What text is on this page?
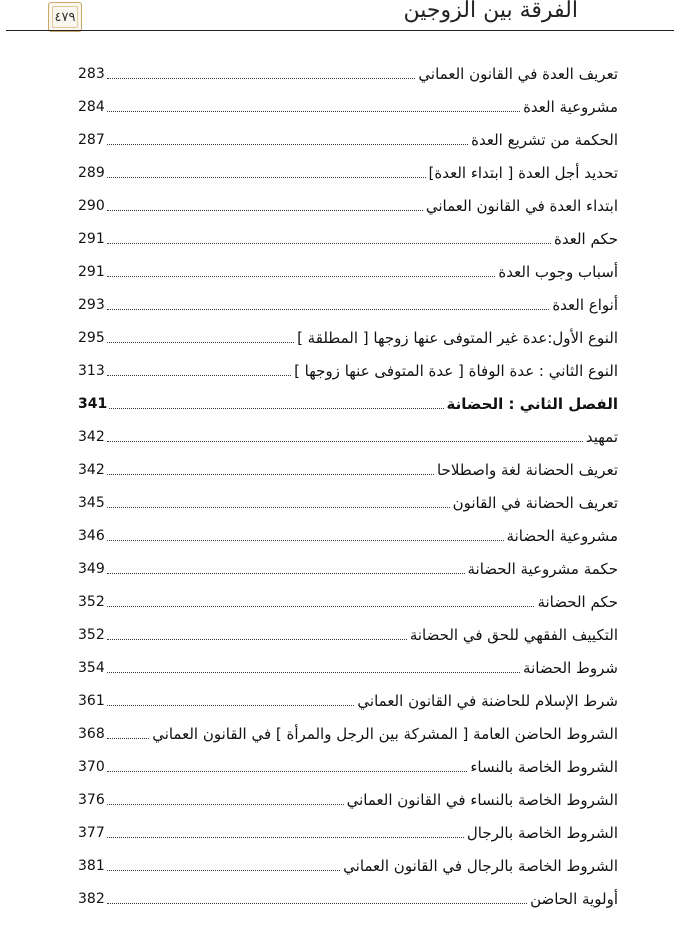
٤٧٩	الفرقة بين الزوجين
تعريف العدة في القانون العماني
283
مشروعية العدة
284
الحكمة من تشريع العدة
287
تحديد أجل العدة [ ابتداء العدة]
289
ابتداء العدة في القانون العماني
290
حكم العدة
291
أسباب وجوب العدة
291
أنواع العدة
293
النوع الأول:عدة غير المتوفى عنها زوجها [ المطلقة ]
295
النوع الثاني : عدة الوفاة [ عدة المتوفى عنها زوجها ]
313
الفصل الثاني : الحضانة
341
تمهيد
342
تعريف الحضانة لغة واصطلاحا
342
تعريف الحضانة في القانون
345
مشروعية الحضانة
346
حكمة مشروعية الحضانة
349
حكم الحضانة
352
التكييف الفقهي للحق في الحضانة
352
شروط الحضانة
354
شرط الإسلام للحاضنة في القانون العماني
361
الشروط الحاضن العامة [ المشركة بين الرجل والمرأة ] في القانون العماني
368
الشروط الخاصة بالنساء
370
الشروط الخاصة بالنساء في القانون العماني
376
الشروط الخاصة بالرجال
377
الشروط الخاصة بالرجال في القانون العماني
381
أولوية الحاضن
382
